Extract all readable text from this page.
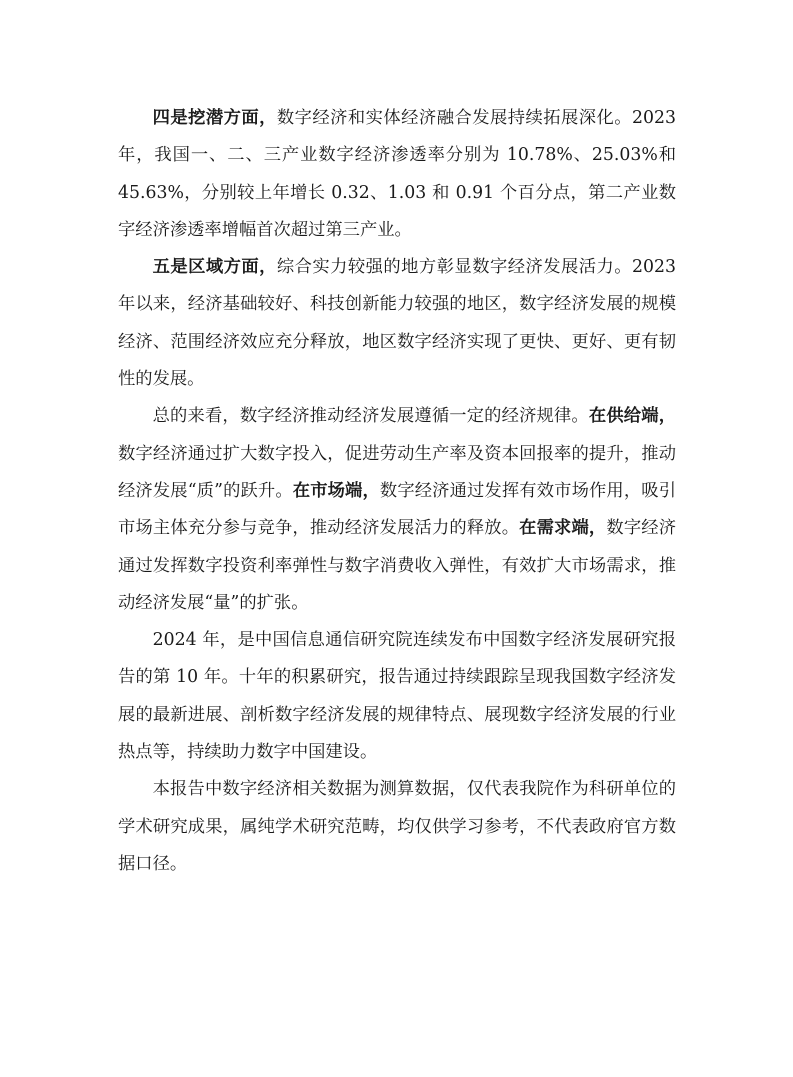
四是挖潜方面，数字经济和实体经济融合发展持续拓展深化。2023 年，我国一、二、三产业数字经济渗透率分别为 10.78%、25.03%和 45.63%，分别较上年增长 0.32、1.03 和 0.91 个百分点，第二产业数字经济渗透率增幅首次超过第三产业。

五是区域方面，综合实力较强的地方彰显数字经济发展活力。2023 年以来，经济基础较好、科技创新能力较强的地区，数字经济发展的规模经济、范围经济效应充分释放，地区数字经济实现了更快、更好、更有韧性的发展。

总的来看，数字经济推动经济发展遵循一定的经济规律。在供给端，数字经济通过扩大数字投入，促进劳动生产率及资本回报率的提升，推动经济发展“质”的跃升。在市场端，数字经济通过发挥有效市场作用，吸引市场主体充分参与竞争，推动经济发展活力的释放。在需求端，数字经济通过发挥数字投资利率弹性与数字消费收入弹性，有效扩大市场需求，推动经济发展“量”的扩张。

2024 年，是中国信息通信研究院连续发布中国数字经济发展研究报告的第 10 年。十年的积累研究，报告通过持续跟踪呈现我国数字经济发展的最新进展、剖析数字经济发展的规律特点、展现数字经济发展的行业热点等，持续助力数字中国建设。

本报告中数字经济相关数据为测算数据，仅代表我院作为科研单位的学术研究成果，属纯学术研究范畴，均仅供学习参考，不代表政府官方数据口径。
